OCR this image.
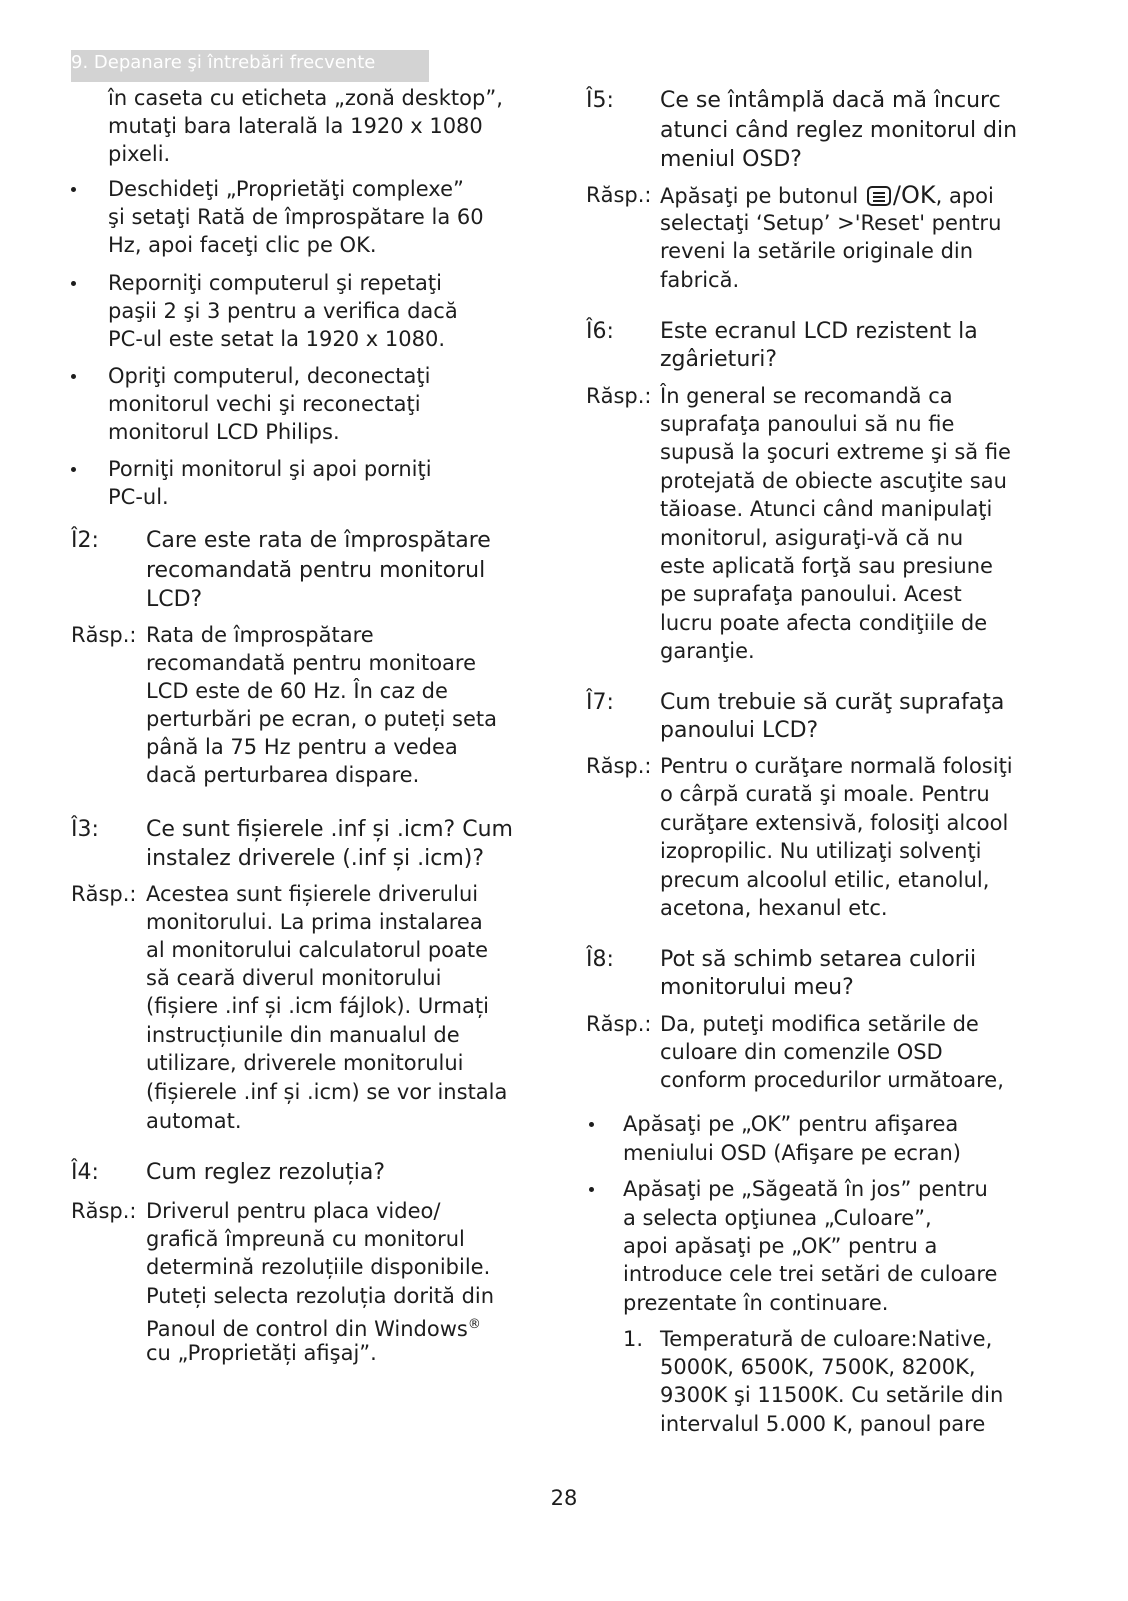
9. Depanare şi întrebări frecvente
în caseta cu eticheta „zonă desktop”,
mutaţi bara laterală la 1920 x 1080
pixeli.
Deschideţi „Proprietăţi complexe”
şi setaţi Rată de împrospătare la 60
Hz, apoi faceţi clic pe OK.
Reporniţi computerul şi repetaţi
paşii 2 şi 3 pentru a verifica dacă
PC-ul este setat la 1920 x 1080.
Opriţi computerul, deconectaţi
monitorul vechi şi reconectaţi
monitorul LCD Philips.
Porniţi monitorul şi apoi porniţi
PC-ul.
Î2: Care este rata de împrospătare
recomandată pentru monitorul
LCD?
Răsp.: Rata de împrospătare
recomandată pentru monitoare
LCD este de 60 Hz. În caz de
perturbări pe ecran, o puteți seta
până la 75 Hz pentru a vedea
dacă perturbarea dispare.
Î3: Ce sunt fișierele .inf și .icm? Cum
instalez driverele (.inf și .icm)?
Răsp.: Acestea sunt fișierele driverului
monitorului. La prima instalarea
al monitorului calculatorul poate
să ceară diverul monitorului
(fișiere .inf și .icm fájlok). Urmați
instrucțiunile din manualul de
utilizare, driverele monitorului
(fișierele .inf și .icm) se vor instala
automat.
Î4: Cum reglez rezoluția?
Răsp.: Driverul pentru placa video/
grafică împreună cu monitorul
determină rezoluțiile disponibile.
Puteți selecta rezoluția dorită din
Panoul de control din Windows®
cu „Proprietăți afişaj”.
Î5: Ce se întâmplă dacă mă încurc
atunci când reglez monitorul din
meniul OSD?
Răsp.: Apăsaţi pe butonul /OK, apoi
selectaţi ‘Setup’ >'Reset' pentru
reveni la setările originale din
fabrică.
Î6: Este ecranul LCD rezistent la
zgârieturi?
Răsp.: În general se recomandă ca
suprafaţa panoului să nu fie
supusă la şocuri extreme şi să fie
protejată de obiecte ascuţite sau
tăioase. Atunci când manipulaţi
monitorul, asiguraţi-vă că nu
este aplicată forţă sau presiune
pe suprafaţa panoului. Acest
lucru poate afecta condiţiile de
garanţie.
Î7: Cum trebuie să curăţ suprafaţa
panoului LCD?
Răsp.: Pentru o curăţare normală folosiţi
o cârpă curată şi moale. Pentru
curăţare extensivă, folosiţi alcool
izopropilic. Nu utilizaţi solvenţi
precum alcoolul etilic, etanolul,
acetona, hexanul etc.
Î8: Pot să schimb setarea culorii
monitorului meu?
Răsp.: Da, puteţi modifica setările de
culoare din comenzile OSD
conform procedurilor următoare,
Apăsaţi pe „OK” pentru afişarea
meniului OSD (Afişare pe ecran)
Apăsaţi pe „Săgeată în jos” pentru
a selecta opţiunea „Culoare”,
apoi apăsaţi pe „OK” pentru a
introduce cele trei setări de culoare
prezentate în continuare.
1. Temperatură de culoare:Native,
5000K, 6500K, 7500K, 8200K,
9300K şi 11500K. Cu setările din
intervalul 5.000 K, panoul pare
28
